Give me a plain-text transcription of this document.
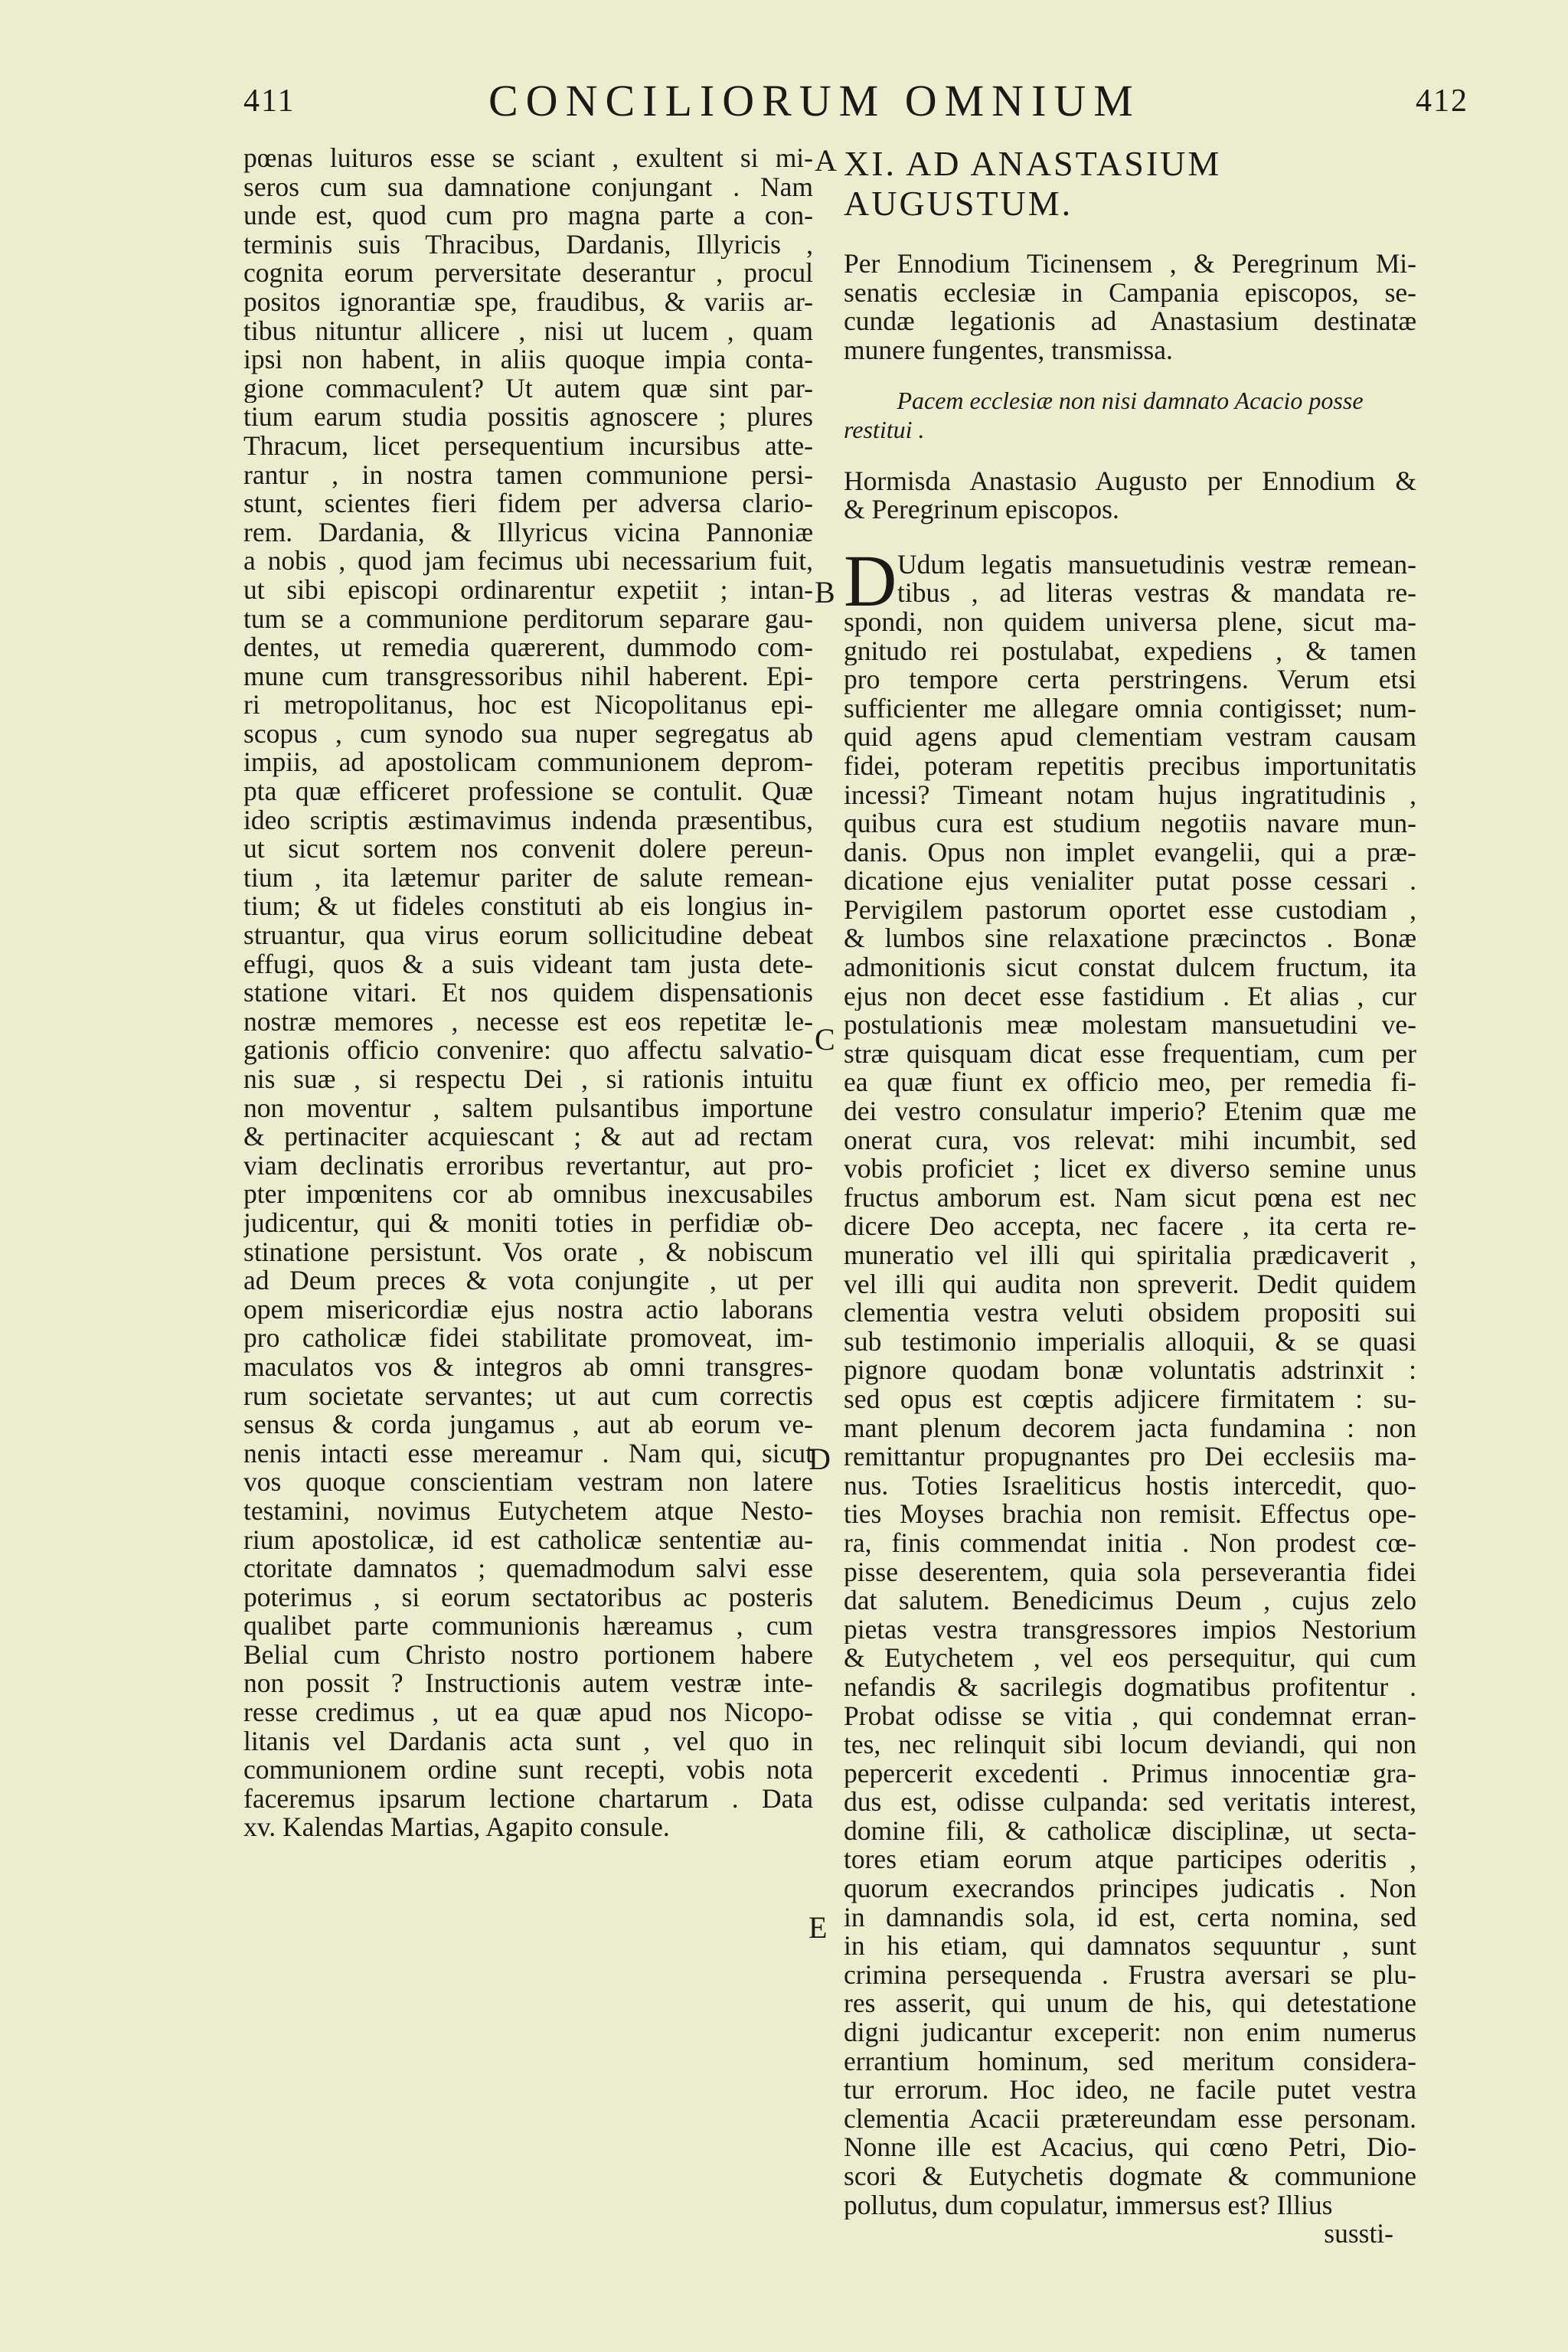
411	CONCILIORUM OMNIUM	412
A
B
C
D
E
pœnas luituros esse se sciant , exultent si mi-
seros cum sua damnatione conjungant . Nam
unde est, quod cum pro magna parte a con-
terminis suis Thracibus, Dardanis, Illyricis ,
cognita eorum perversitate deserantur , procul
positos ignorantiæ spe, fraudibus, & variis ar-
tibus nituntur allicere , nisi ut lucem , quam
ipsi non habent, in aliis quoque impia conta-
gione commaculent? Ut autem quæ sint par-
tium earum studia possitis agnoscere ; plures
Thracum, licet persequentium incursibus atte-
rantur , in nostra tamen communione persi-
stunt, scientes fieri fidem per adversa clario-
rem. Dardania, & Illyricus vicina Pannoniæ
a nobis , quod jam fecimus ubi necessarium fuit,
ut sibi episcopi ordinarentur expetiit ; intan-
tum se a communione perditorum separare gau-
dentes, ut remedia quærerent, dummodo com-
mune cum transgressoribus nihil haberent. Epi-
ri metropolitanus, hoc est Nicopolitanus epi-
scopus , cum synodo sua nuper segregatus ab
impiis, ad apostolicam communionem deprom-
pta quæ efficeret professione se contulit. Quæ
ideo scriptis æstimavimus indenda præsentibus,
ut sicut sortem nos convenit dolere pereun-
tium , ita lætemur pariter de salute remean-
tium; & ut fideles constituti ab eis longius in-
struantur, qua virus eorum sollicitudine debeat
effugi, quos & a suis videant tam justa dete-
statione vitari. Et nos quidem dispensationis
nostræ memores , necesse est eos repetitæ le-
gationis officio convenire: quo affectu salvatio-
nis suæ , si respectu Dei , si rationis intuitu
non moventur , saltem pulsantibus importune
& pertinaciter acquiescant ; & aut ad rectam
viam declinatis erroribus revertantur, aut pro-
pter impœnitens cor ab omnibus inexcusabiles
judicentur, qui & moniti toties in perfidiæ ob-
stinatione persistunt. Vos orate , & nobiscum
ad Deum preces & vota conjungite , ut per
opem misericordiæ ejus nostra actio laborans
pro catholicæ fidei stabilitate promoveat, im-
maculatos vos & integros ab omni transgres-
rum societate servantes; ut aut cum correctis
sensus & corda jungamus , aut ab eorum ve-
nenis intacti esse mereamur . Nam qui, sicut
vos quoque conscientiam vestram non latere
testamini, novimus Eutychetem atque Nesto-
rium apostolicæ, id est catholicæ sententiæ au-
ctoritate damnatos ; quemadmodum salvi esse
poterimus , si eorum sectatoribus ac posteris
qualibet parte communionis hæreamus , cum
Belial cum Christo nostro portionem habere
non possit ? Instructionis autem vestræ inte-
resse credimus , ut ea quæ apud nos Nicopo-
litanis vel Dardanis acta sunt , vel quo in
communionem ordine sunt recepti, vobis nota
faceremus ipsarum lectione chartarum . Data
xv. Kalendas Martias, Agapito consule.
XI. AD ANASTASIUM AUGUSTUM.
Per Ennodium Ticinensem , & Peregrinum Mi-
senatis ecclesiæ in Campania episcopos, se-
cundæ legationis ad Anastasium destinatæ
munere fungentes, transmissa.
Pacem ecclesiæ non nisi damnato Acacio posse
restitui .
Hormisda Anastasio Augusto per Ennodium &
& Peregrinum episcopos.
D Udum legatis mansuetudinis vestræ remean-
tibus , ad literas vestras & mandata re-
spondi, non quidem universa plene, sicut ma-
gnitudo rei postulabat, expediens , & tamen
pro tempore certa perstringens. Verum etsi
sufficienter me allegare omnia contigisset; num-
quid agens apud clementiam vestram causam
fidei, poteram repetitis precibus importunitatis
incessi? Timeant notam hujus ingratitudinis ,
quibus cura est studium negotiis navare mun-
danis. Opus non implet evangelii, qui a præ-
dicatione ejus venialiter putat posse cessari .
Pervigilem pastorum oportet esse custodiam ,
& lumbos sine relaxatione præcinctos . Bonæ
admonitionis sicut constat dulcem fructum, ita
ejus non decet esse fastidium . Et alias , cur
postulationis meæ molestam mansuetudini ve-
stræ quisquam dicat esse frequentiam, cum per
ea quæ fiunt ex officio meo, per remedia fi-
dei vestro consulatur imperio? Etenim quæ me
onerat cura, vos relevat: mihi incumbit, sed
vobis proficiet ; licet ex diverso semine unus
fructus amborum est. Nam sicut pœna est nec
dicere Deo accepta, nec facere , ita certa re-
muneratio vel illi qui spiritalia prædicaverit ,
vel illi qui audita non spreverit. Dedit quidem
clementia vestra veluti obsidem propositi sui
sub testimonio imperialis alloquii, & se quasi
pignore quodam bonæ voluntatis adstrinxit :
sed opus est cœptis adjicere firmitatem : su-
mant plenum decorem jacta fundamina : non
remittantur propugnantes pro Dei ecclesiis ma-
nus. Toties Israeliticus hostis intercedit, quo-
ties Moyses brachia non remisit. Effectus ope-
ra, finis commendat initia . Non prodest cœ-
pisse deserentem, quia sola perseverantia fidei
dat salutem. Benedicimus Deum , cujus zelo
pietas vestra transgressores impios Nestorium
& Eutychetem , vel eos persequitur, qui cum
nefandis & sacrilegis dogmatibus profitentur .
Probat odisse se vitia , qui condemnat erran-
tes, nec relinquit sibi locum deviandi, qui non
pepercerit excedenti . Primus innocentiæ gra-
dus est, odisse culpanda: sed veritatis interest,
domine fili, & catholicæ disciplinæ, ut secta-
tores etiam eorum atque participes oderitis ,
quorum execrandos principes judicatis . Non
in damnandis sola, id est, certa nomina, sed
in his etiam, qui damnatos sequuntur , sunt
crimina persequenda . Frustra aversari se plu-
res asserit, qui unum de his, qui detestatione
digni judicantur exceperit: non enim numerus
errantium hominum, sed meritum considera-
tur errorum. Hoc ideo, ne facile putet vestra
clementia Acacii prætereundam esse personam.
Nonne ille est Acacius, qui cœno Petri, Dio-
scori & Eutychetis dogmate & communione
pollutus, dum copulatur, immersus est? Illius
sussti-
